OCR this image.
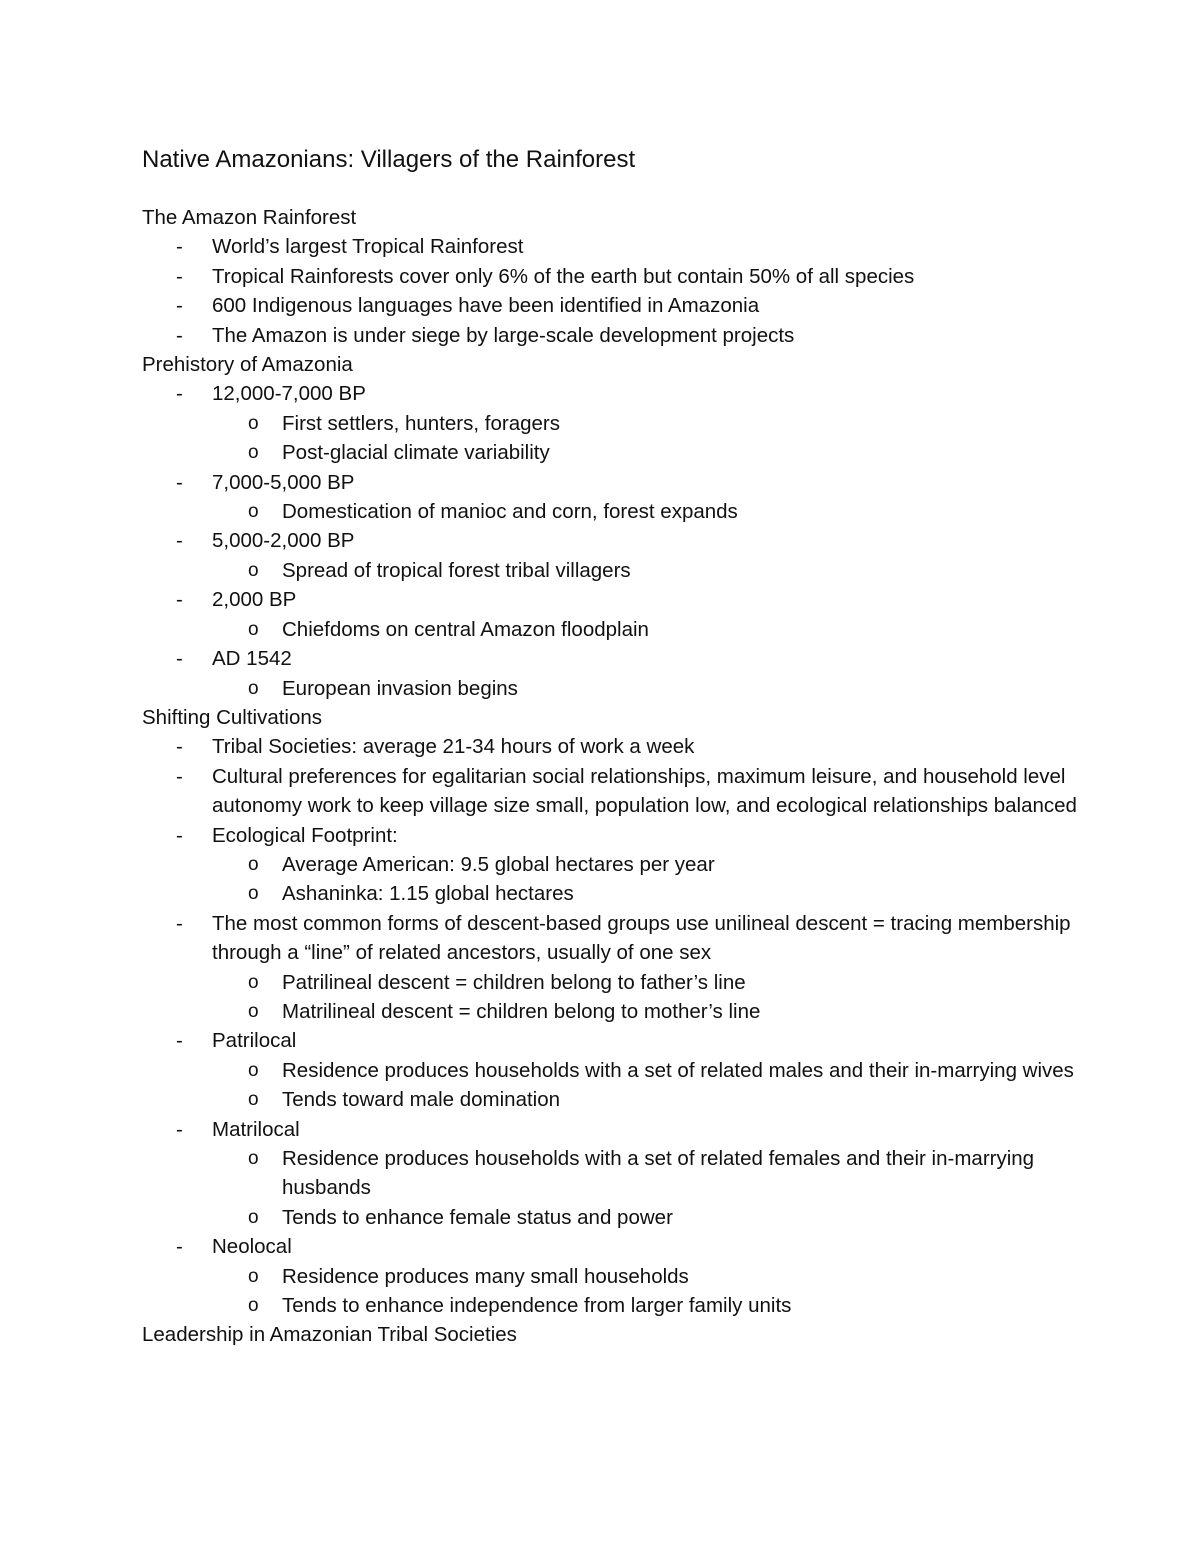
Native Amazonians: Villagers of the Rainforest
The Amazon Rainforest
- World’s largest Tropical Rainforest
- Tropical Rainforests cover only 6% of the earth but contain 50% of all species
- 600 Indigenous languages have been identified in Amazonia
- The Amazon is under siege by large-scale development projects
Prehistory of Amazonia
- 12,000-7,000 BP
o First settlers, hunters, foragers
o Post-glacial climate variability
- 7,000-5,000 BP
o Domestication of manioc and corn, forest expands
- 5,000-2,000 BP
o Spread of tropical forest tribal villagers
- 2,000 BP
o Chiefdoms on central Amazon floodplain
- AD 1542
o European invasion begins
Shifting Cultivations
- Tribal Societies: average 21-34 hours of work a week
- Cultural preferences for egalitarian social relationships, maximum leisure, and household level autonomy work to keep village size small, population low, and ecological relationships balanced
- Ecological Footprint:
o Average American: 9.5 global hectares per year
o Ashaninka: 1.15 global hectares
- The most common forms of descent-based groups use unilineal descent = tracing membership through a “line” of related ancestors, usually of one sex
o Patrilineal descent = children belong to father’s line
o Matrilineal descent = children belong to mother’s line
- Patrilocal
o Residence produces households with a set of related males and their in-marrying wives
o Tends toward male domination
- Matrilocal
o Residence produces households with a set of related females and their in-marrying husbands
o Tends to enhance female status and power
- Neolocal
o Residence produces many small households
o Tends to enhance independence from larger family units
Leadership in Amazonian Tribal Societies
